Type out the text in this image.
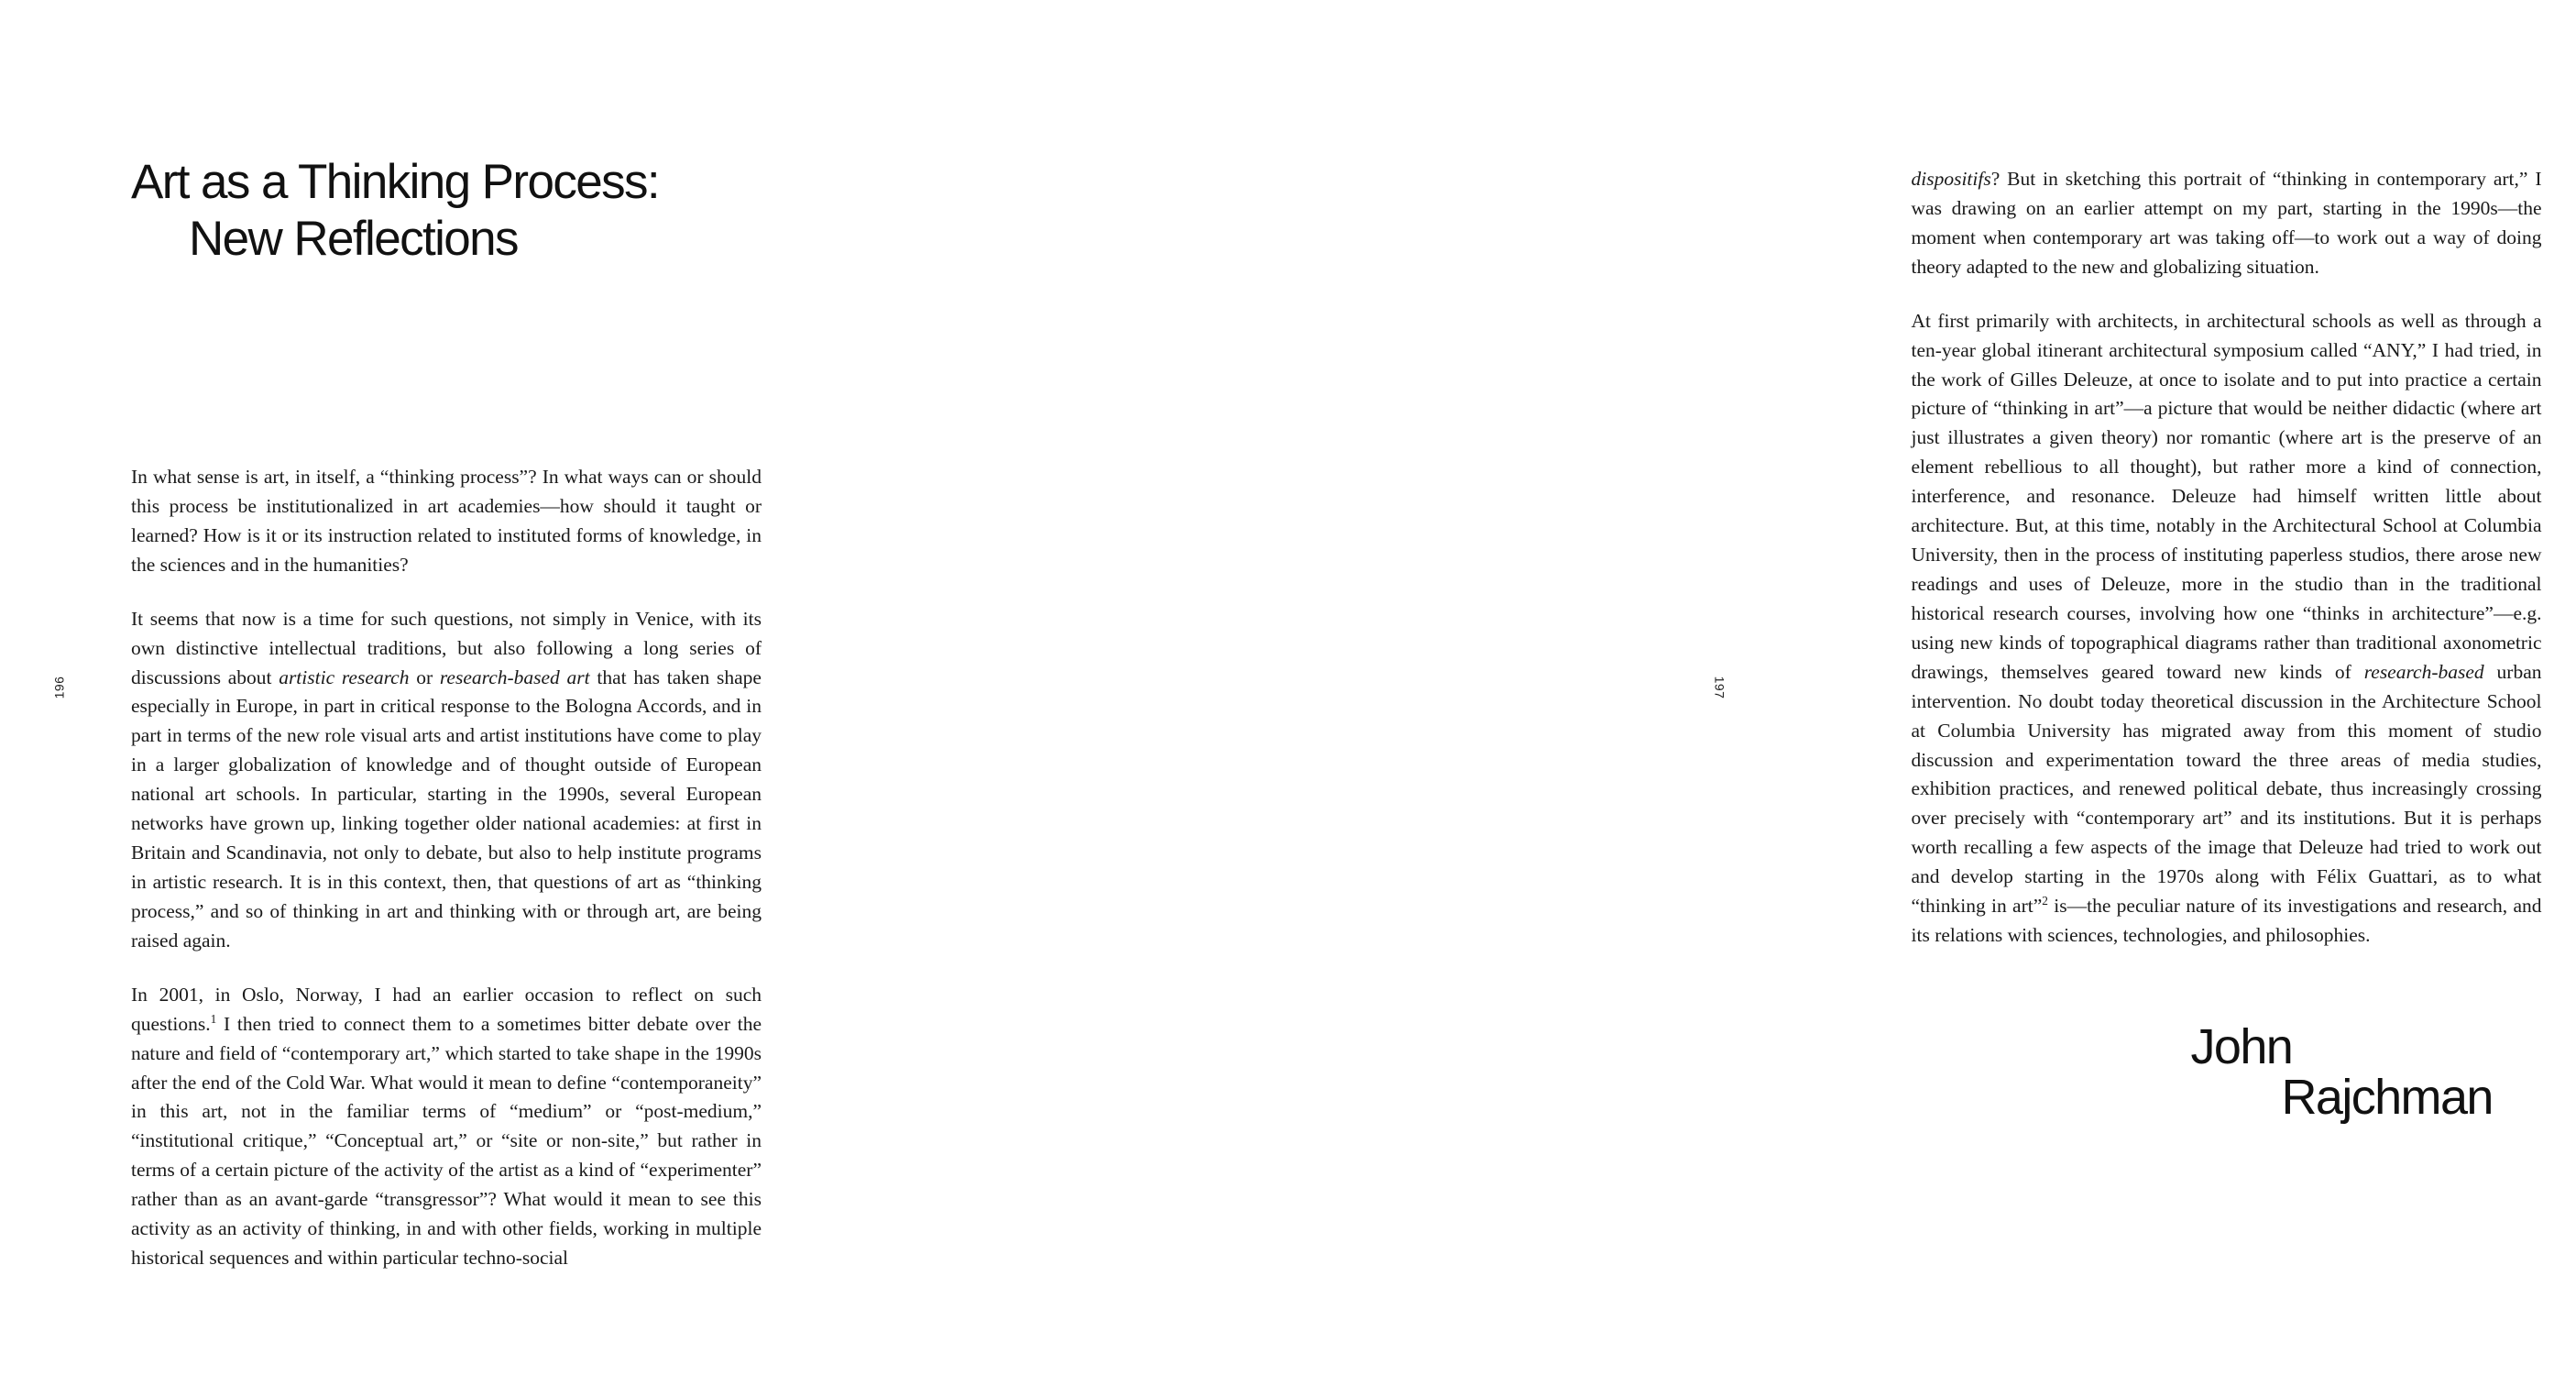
196
Art as a Thinking Process:
New Reflections

In what sense is art, in itself, a “thinking process”? In what ways can or should this process be institutionalized in art academies—how should it taught or learned? How is it or its instruction related to instituted forms of knowledge, in the sciences and in the humanities?

It seems that now is a time for such questions, not simply in Venice, with its own distinctive intellectual traditions, but also following a long series of discussions about artistic research or research-based art that has taken shape especially in Europe, in part in critical response to the Bologna Accords, and in part in terms of the new role visual arts and artist institutions have come to play in a larger globalization of knowledge and of thought outside of European national art schools. In particular, starting in the 1990s, several European networks have grown up, linking together older national academies: at first in Britain and Scandinavia, not only to debate, but also to help institute programs in artistic research. It is in this context, then, that questions of art as “thinking process,” and so of thinking in art and thinking with or through art, are being raised again.

In 2001, in Oslo, Norway, I had an earlier occasion to reflect on such questions.$^1$ I then tried to connect them to a sometimes bitter debate over the nature and field of “contemporary art,” which started to take shape in the 1990s after the end of the Cold War. What would it mean to define “contemporaneity” in this art, not in the familiar terms of “medium” or “post-medium,” “institutional critique,” “Conceptual art,” or “site or non-site,” but rather in terms of a certain picture of the activity of the artist as a kind of “experimenter” rather than as an avant-garde “transgressor”? What would it mean to see this activity as an activity of thinking, in and with other fields, working in multiple historical sequences and within particular techno-social

197

dispositifs? But in sketching this portrait of “thinking in contemporary art,” I was drawing on an earlier attempt on my part, starting in the 1990s—the moment when contemporary art was taking off—to work out a way of doing theory adapted to the new and globalizing situation.

At first primarily with architects, in architectural schools as well as through a ten-year global itinerant architectural symposium called “ANY,” I had tried, in the work of Gilles Deleuze, at once to isolate and to put into practice a certain picture of “thinking in art”—a picture that would be neither didactic (where art just illustrates a given theory) nor romantic (where art is the preserve of an element rebellious to all thought), but rather more a kind of connection, interference, and resonance. Deleuze had himself written little about architecture. But, at this time, notably in the Architectural School at Columbia University, then in the process of instituting paperless studios, there arose new readings and uses of Deleuze, more in the studio than in the traditional historical research courses, involving how one “thinks in architecture”—e.g. using new kinds of topographical diagrams rather than traditional axonometric drawings, themselves geared toward new kinds of research-based urban intervention. No doubt today theoretical discussion in the Architecture School at Columbia University has migrated away from this moment of studio discussion and experimentation toward the three areas of media studies, exhibition practices, and renewed political debate, thus increasingly crossing over precisely with “contemporary art” and its institutions. But it is perhaps worth recalling a few aspects of the image that Deleuze had tried to work out and develop starting in the 1970s along with Félix Guattari, as to what “thinking in art”$^2$ is—the peculiar nature of its investigations and research, and its relations with sciences, technologies, and philosophies.

John
Rajchman
